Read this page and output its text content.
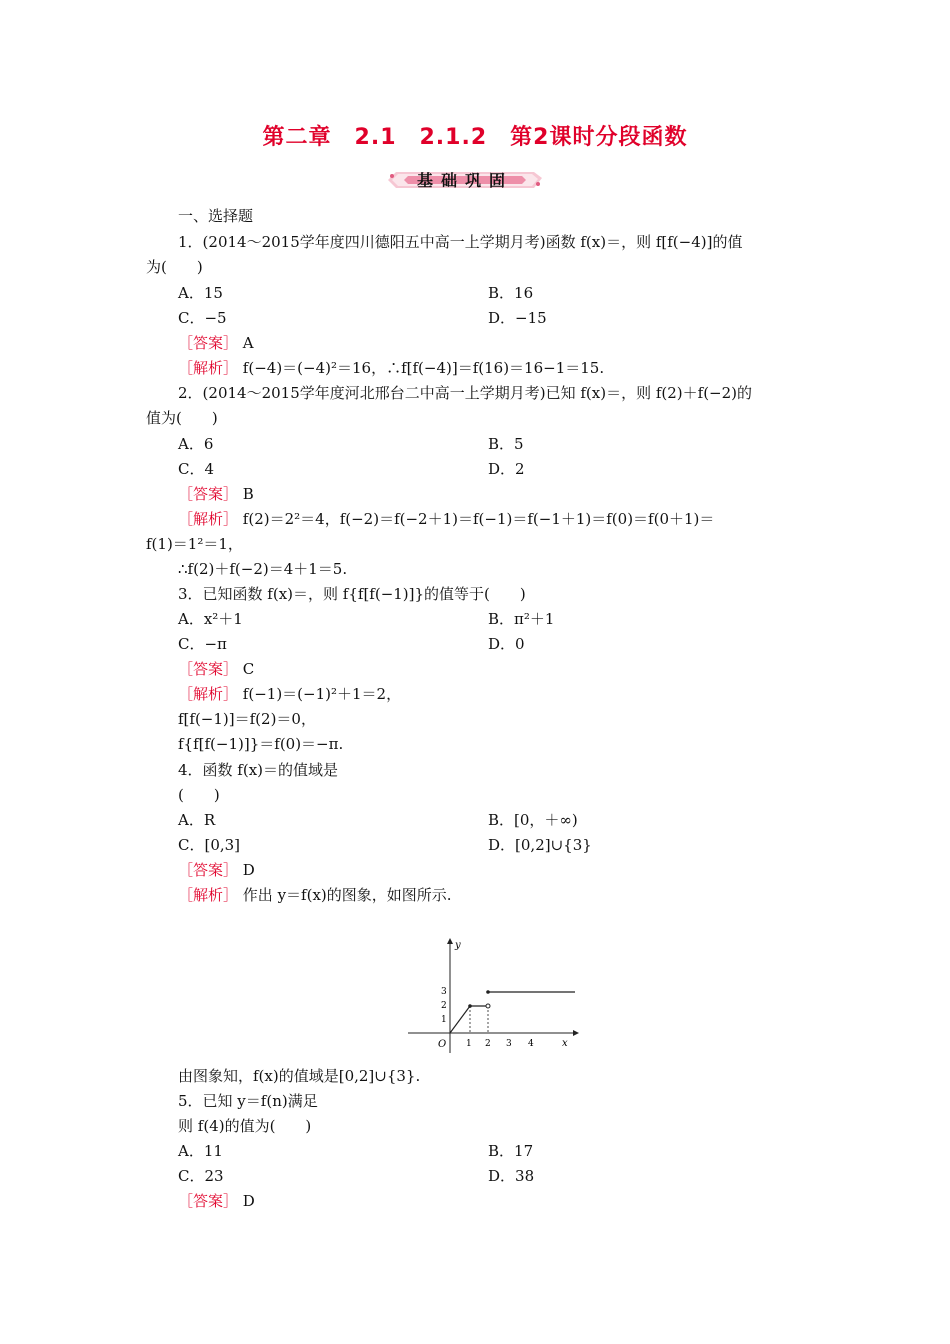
第二章　2.1　2.1.2　第2课时分段函数
基础巩固
一、选择题
1．(2014～2015学年度四川德阳五中高一上学期月考)函数 f(x)＝，则 f[f(−4)]的值
为(　　)
A．15	B．16
C．−5	D．−15
［答案］ A
［解析］ f(−4)＝(−4)²＝16，∴f[f(−4)]＝f(16)＝16−1＝15.
2．(2014～2015学年度河北邢台二中高一上学期月考)已知 f(x)＝，则 f(2)＋f(−2)的
值为(　　)
A．6	B．5
C．4	D．2
［答案］ B
［解析］ f(2)＝2²＝4，f(−2)＝f(−2＋1)＝f(−1)＝f(−1＋1)＝f(0)＝f(0＋1)＝
f(1)＝1²＝1，
∴f(2)＋f(−2)＝4＋1＝5.
3．已知函数 f(x)＝，则 f{f[f(−1)]}的值等于(　　)
A．x²＋1	B．π²＋1
C．−π	D．0
［答案］ C
［解析］ f(−1)＝(−1)²＋1＝2，
f[f(−1)]＝f(2)＝0，
f{f[f(−1)]}＝f(0)＝−π.
4．函数 f(x)＝的值域是
(　　)
A．R	B．[0，＋∞)
C．[0,3]	D．[0,2]∪{3}
［答案］ D
［解析］ 作出 y＝f(x)的图象，如图所示.
y
x
O
1
2
3
1 2 3 4
由图象知，f(x)的值域是[0,2]∪{3}.
5．已知 y＝f(n)满足
则 f(4)的值为(　　)
A．11	B．17
C．23	D．38
［答案］ D
